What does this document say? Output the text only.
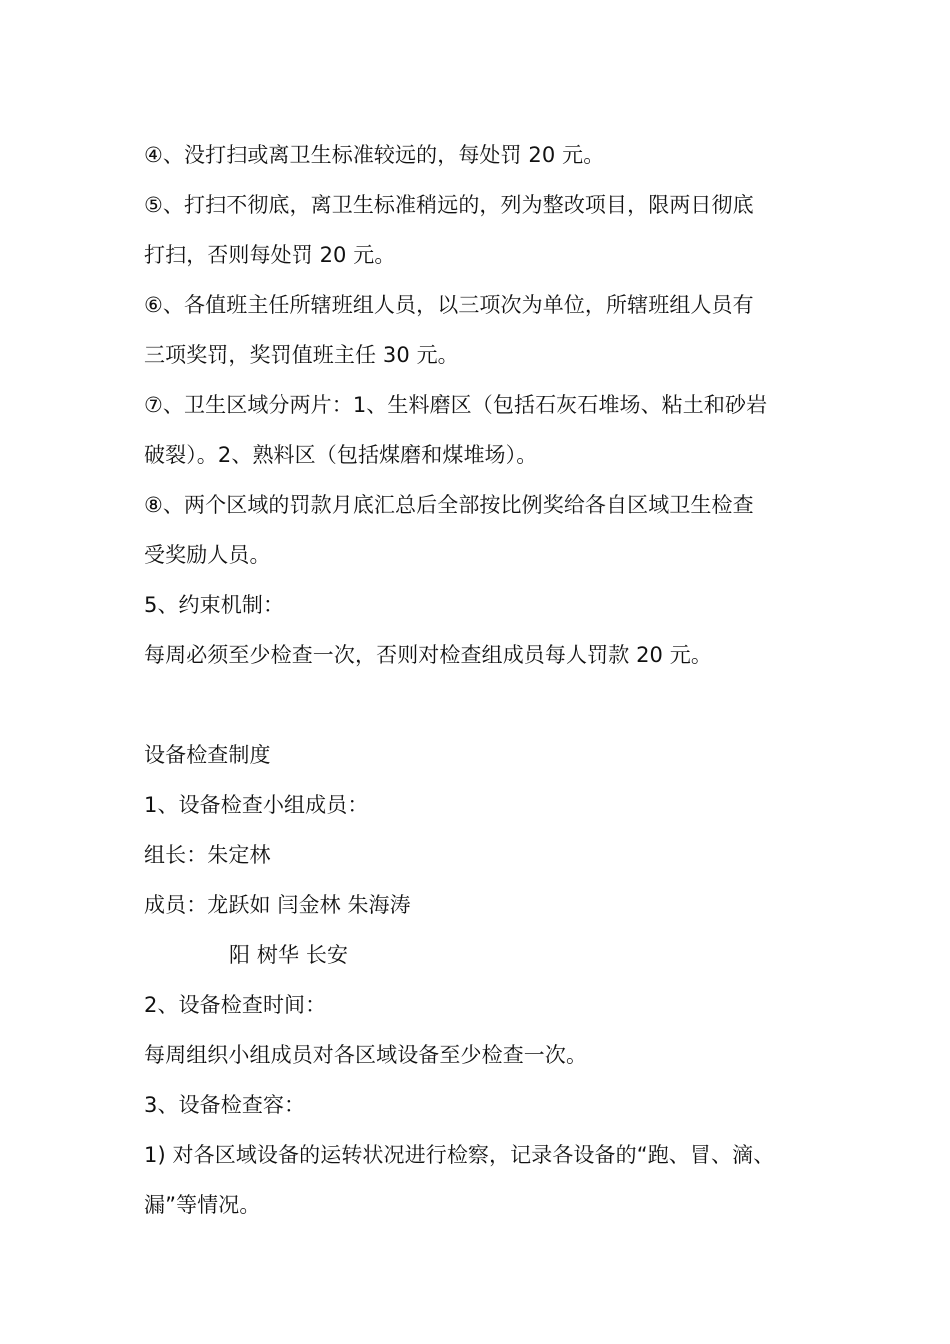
④、没打扫或离卫生标准较远的，每处罚 20 元。
⑤、打扫不彻底，离卫生标准稍远的，列为整改项目，限两日彻底
打扫，否则每处罚 20 元。
⑥、各值班主任所辖班组人员，以三项次为单位，所辖班组人员有
三项奖罚，奖罚值班主任 30 元。
⑦、卫生区域分两片：1、生料磨区（包括石灰石堆场、粘土和砂岩
破裂）。2、熟料区（包括煤磨和煤堆场）。
⑧、两个区域的罚款月底汇总后全部按比例奖给各自区域卫生检查
受奖励人员。
5、约束机制：
每周必须至少检查一次，否则对检查组成员每人罚款 20 元。
设备检查制度
1、设备检查小组成员：
组长：朱定林
成员：龙跃如 闫金林 朱海涛
阳 树华 长安
2、设备检查时间：
每周组织小组成员对各区域设备至少检查一次。
3、设备检查容：
1) 对各区域设备的运转状况进行检察，记录各设备的“跑、冒、滴、
漏”等情况。
